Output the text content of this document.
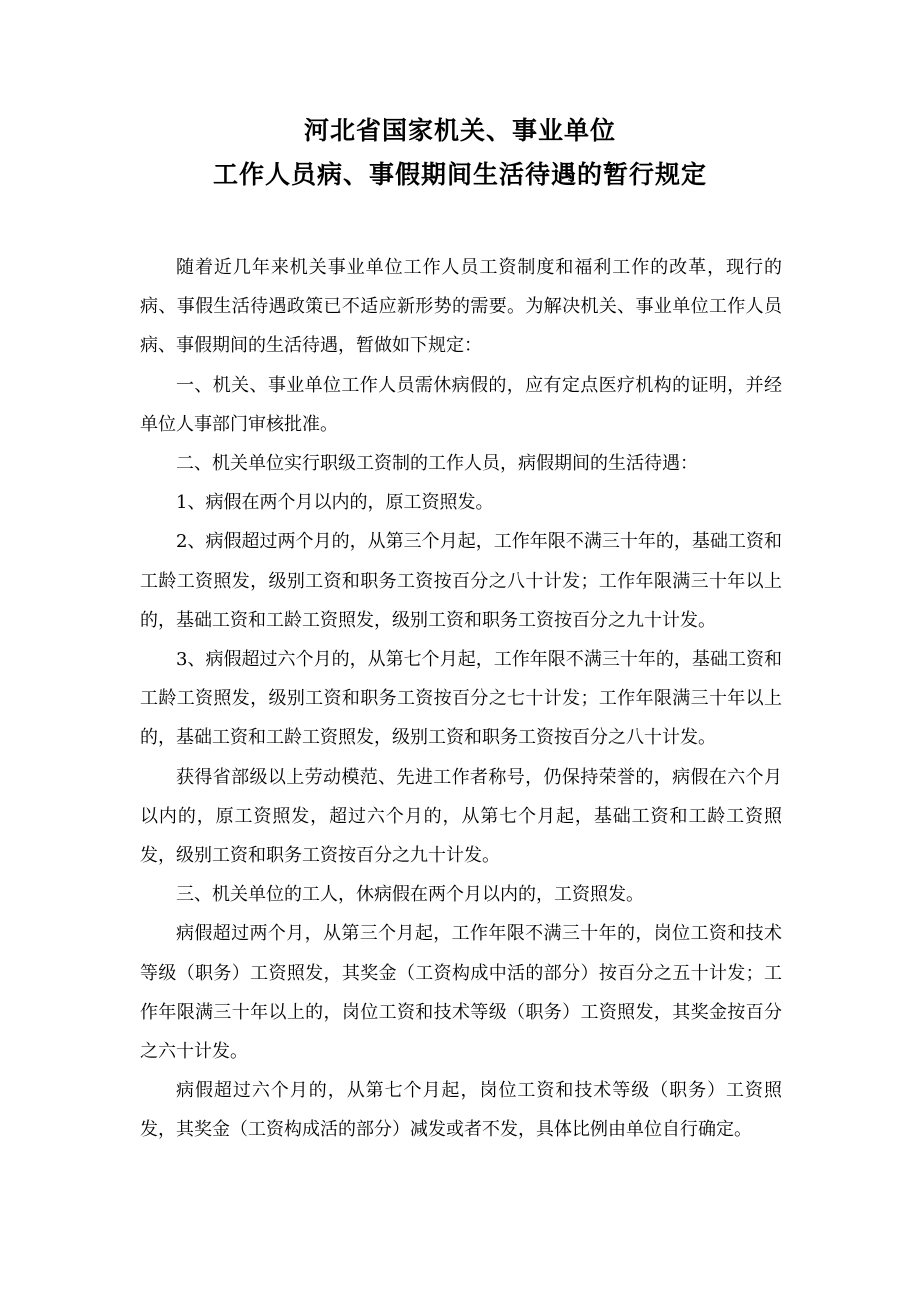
河北省国家机关、事业单位
工作人员病、事假期间生活待遇的暂行规定

随着近几年来机关事业单位工作人员工资制度和福利工作的改革，现行的病、事假生活待遇政策已不适应新形势的需要。为解决机关、事业单位工作人员病、事假期间的生活待遇，暂做如下规定：

一、机关、事业单位工作人员需休病假的，应有定点医疗机构的证明，并经单位人事部门审核批准。

二、机关单位实行职级工资制的工作人员，病假期间的生活待遇：

1、病假在两个月以内的，原工资照发。

2、病假超过两个月的，从第三个月起，工作年限不满三十年的，基础工资和工龄工资照发，级别工资和职务工资按百分之八十计发；工作年限满三十年以上的，基础工资和工龄工资照发，级别工资和职务工资按百分之九十计发。

3、病假超过六个月的，从第七个月起，工作年限不满三十年的，基础工资和工龄工资照发，级别工资和职务工资按百分之七十计发；工作年限满三十年以上的，基础工资和工龄工资照发，级别工资和职务工资按百分之八十计发。

获得省部级以上劳动模范、先进工作者称号，仍保持荣誉的，病假在六个月以内的，原工资照发，超过六个月的，从第七个月起，基础工资和工龄工资照发，级别工资和职务工资按百分之九十计发。

三、机关单位的工人，休病假在两个月以内的，工资照发。

病假超过两个月，从第三个月起，工作年限不满三十年的，岗位工资和技术等级（职务）工资照发，其奖金（工资构成中活的部分）按百分之五十计发；工作年限满三十年以上的，岗位工资和技术等级（职务）工资照发，其奖金按百分之六十计发。

病假超过六个月的，从第七个月起，岗位工资和技术等级（职务）工资照发，其奖金（工资构成活的部分）减发或者不发，具体比例由单位自行确定。
